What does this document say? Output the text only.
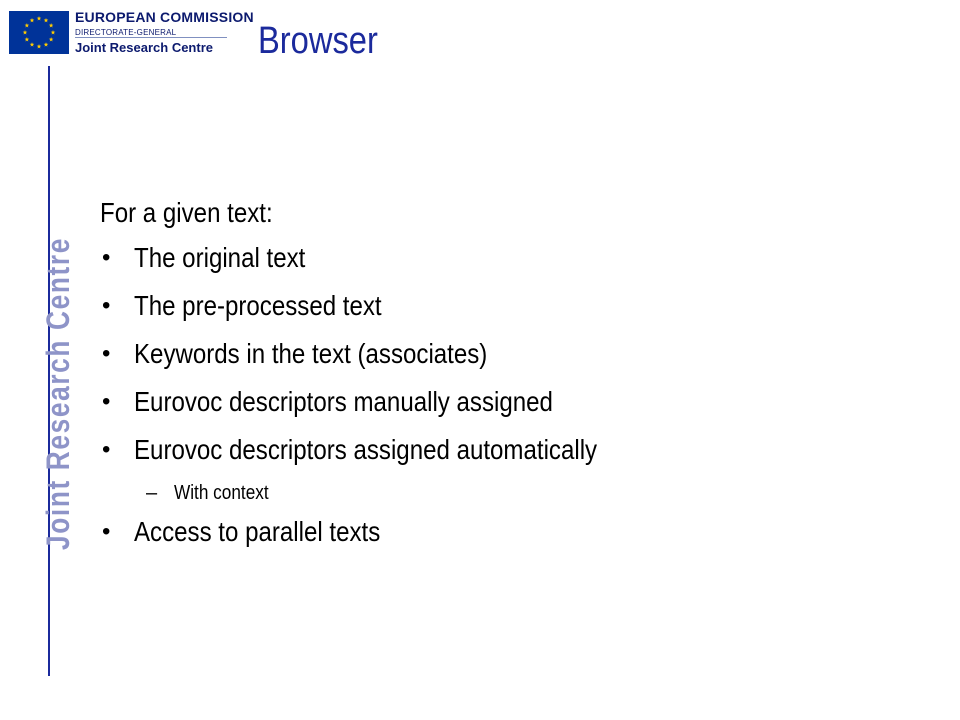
EUROPEAN COMMISSION
DIRECTORATE-GENERAL
Joint Research Centre Browser
Joint Research Centre
For a given text:
• The original text
• The pre-processed text
• Keywords in the text (associates)
• Eurovoc descriptors manually assigned
• Eurovoc descriptors assigned automatically
– With context
• Access to parallel texts
